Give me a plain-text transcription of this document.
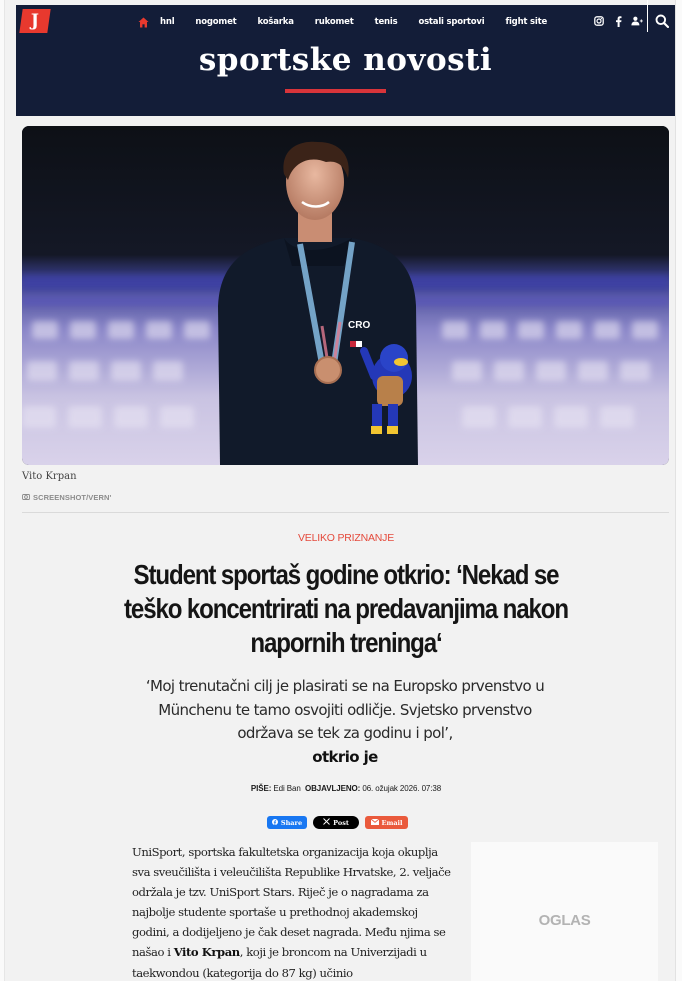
J	hnl nogomet košarka rukomet tenis ostali sportovi fight site
sportske novosti
CRO
Vito Krpan
SCREENSHOT/VERN'
VELIKO PRIZNANJE
Student sportaš godine otkrio: ‘Nekad se teško koncentrirati na predavanjima nakon napornih treninga‘
‘Moj trenutačni cilj je plasirati se na Europsko prvenstvo u Münchenu te tamo osvojiti odličje. Svjetsko prvenstvo održava se tek za godinu i pol’,
otkrio je
PIŠE: Edi Ban OBJAVLJENO: 06. ožujak 2026. 07:38
Share	Post	Email

UniSport, sportska fakultetska organizacija koja okuplja sva sveučilišta i veleučilišta Republike Hrvatske, 2. veljače održala je tzv. UniSport Stars. Riječ je o nagradama za najbolje studente sportaše u prethodnoj akademskoj godini, a dodijeljeno je čak deset nagrada. Među njima se našao i Vito Krpan, koji je broncom na Univerzijadi u taekwondou (kategorija do 87 kg) učinio

OGLAS
